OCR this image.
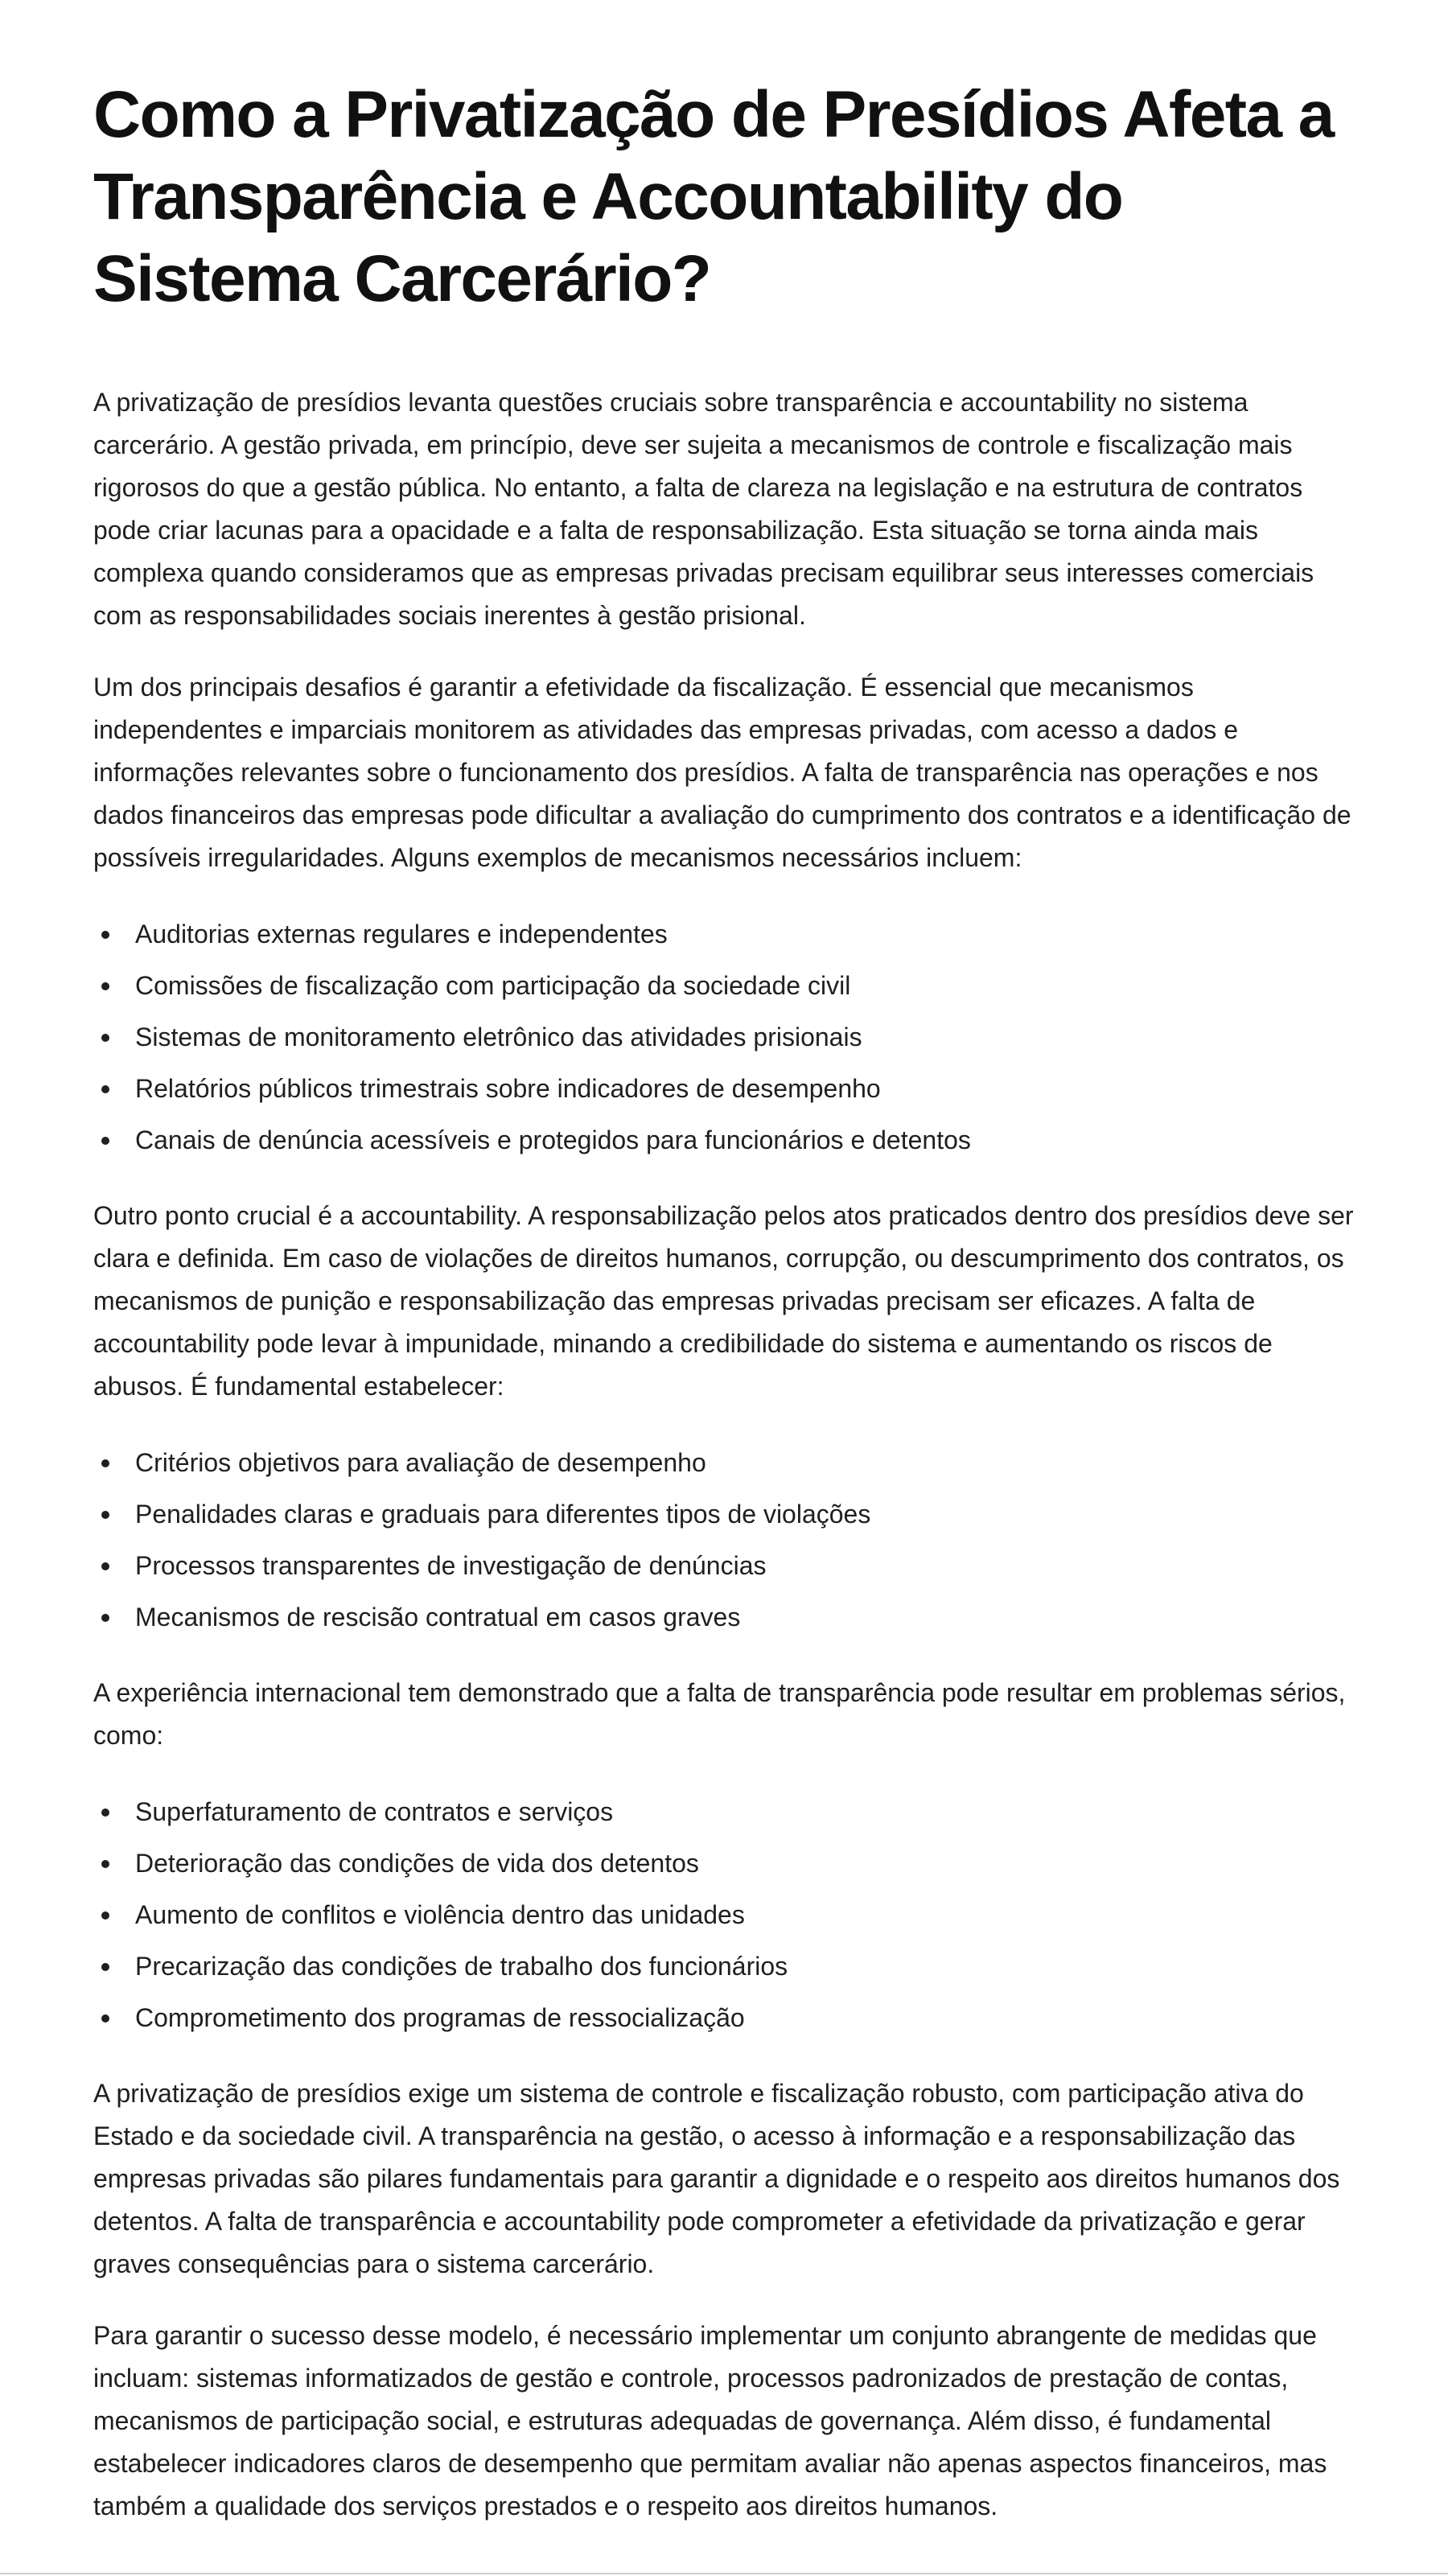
Como a Privatização de Presídios Afeta a Transparência e Accountability do Sistema Carcerário?

A privatização de presídios levanta questões cruciais sobre transparência e accountability no sistema carcerário. A gestão privada, em princípio, deve ser sujeita a mecanismos de controle e fiscalização mais rigorosos do que a gestão pública. No entanto, a falta de clareza na legislação e na estrutura de contratos pode criar lacunas para a opacidade e a falta de responsabilização. Esta situação se torna ainda mais complexa quando consideramos que as empresas privadas precisam equilibrar seus interesses comerciais com as responsabilidades sociais inerentes à gestão prisional.

Um dos principais desafios é garantir a efetividade da fiscalização. É essencial que mecanismos independentes e imparciais monitorem as atividades das empresas privadas, com acesso a dados e informações relevantes sobre o funcionamento dos presídios. A falta de transparência nas operações e nos dados financeiros das empresas pode dificultar a avaliação do cumprimento dos contratos e a identificação de possíveis irregularidades. Alguns exemplos de mecanismos necessários incluem:

Auditorias externas regulares e independentes
Comissões de fiscalização com participação da sociedade civil
Sistemas de monitoramento eletrônico das atividades prisionais
Relatórios públicos trimestrais sobre indicadores de desempenho
Canais de denúncia acessíveis e protegidos para funcionários e detentos

Outro ponto crucial é a accountability. A responsabilização pelos atos praticados dentro dos presídios deve ser clara e definida. Em caso de violações de direitos humanos, corrupção, ou descumprimento dos contratos, os mecanismos de punição e responsabilização das empresas privadas precisam ser eficazes. A falta de accountability pode levar à impunidade, minando a credibilidade do sistema e aumentando os riscos de abusos. É fundamental estabelecer:

Critérios objetivos para avaliação de desempenho
Penalidades claras e graduais para diferentes tipos de violações
Processos transparentes de investigação de denúncias
Mecanismos de rescisão contratual em casos graves

A experiência internacional tem demonstrado que a falta de transparência pode resultar em problemas sérios, como:

Superfaturamento de contratos e serviços
Deterioração das condições de vida dos detentos
Aumento de conflitos e violência dentro das unidades
Precarização das condições de trabalho dos funcionários
Comprometimento dos programas de ressocialização

A privatização de presídios exige um sistema de controle e fiscalização robusto, com participação ativa do Estado e da sociedade civil. A transparência na gestão, o acesso à informação e a responsabilização das empresas privadas são pilares fundamentais para garantir a dignidade e o respeito aos direitos humanos dos detentos. A falta de transparência e accountability pode comprometer a efetividade da privatização e gerar graves consequências para o sistema carcerário.

Para garantir o sucesso desse modelo, é necessário implementar um conjunto abrangente de medidas que incluam: sistemas informatizados de gestão e controle, processos padronizados de prestação de contas, mecanismos de participação social, e estruturas adequadas de governança. Além disso, é fundamental estabelecer indicadores claros de desempenho que permitam avaliar não apenas aspectos financeiros, mas também a qualidade dos serviços prestados e o respeito aos direitos humanos.
